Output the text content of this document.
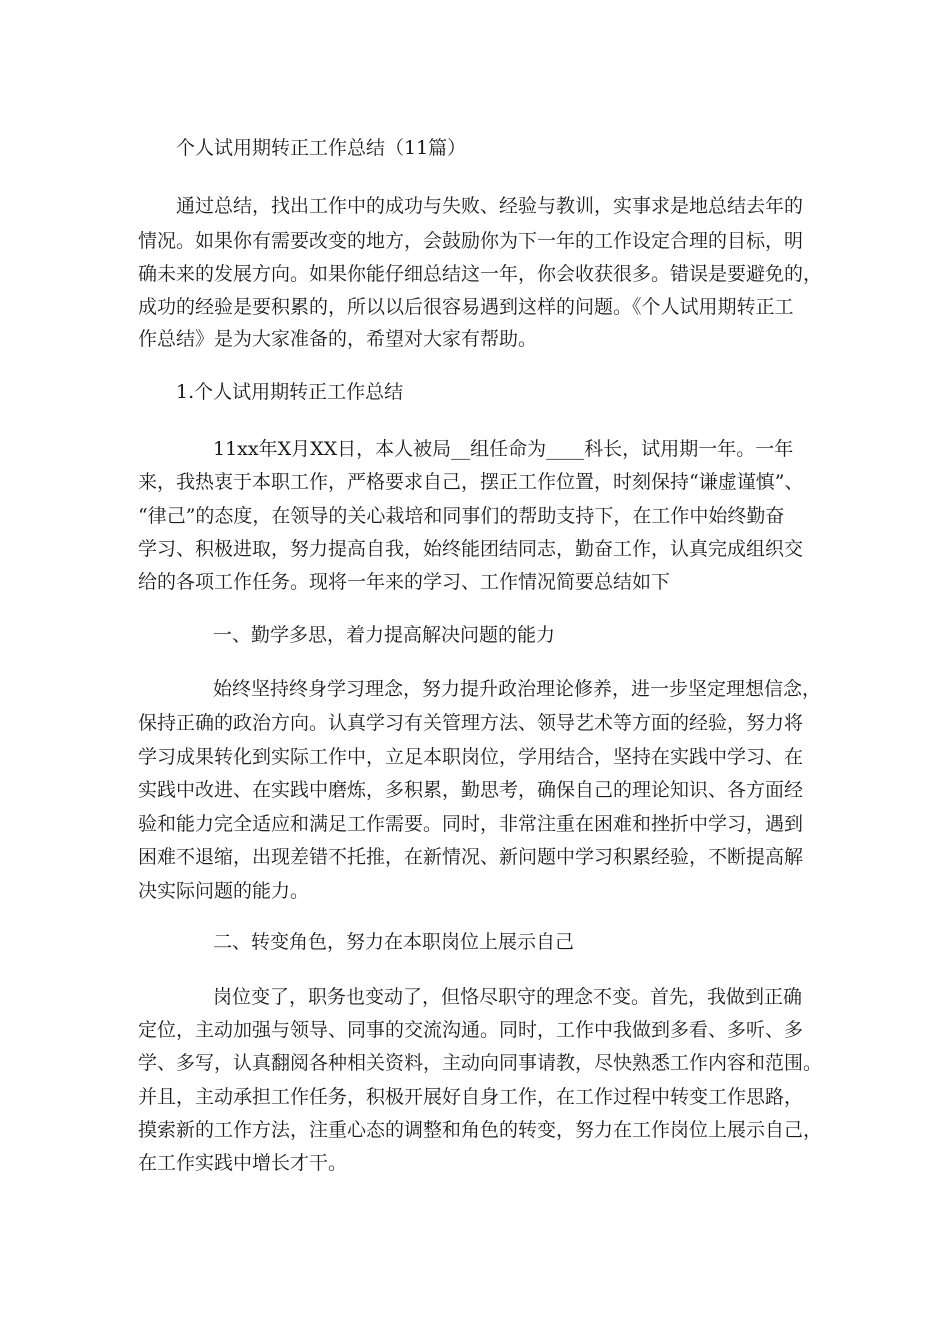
个人试用期转正工作总结（11篇）
通过总结，找出工作中的成功与失败、经验与教训，实事求是地总结去年的
情况。如果你有需要改变的地方，会鼓励你为下一年的工作设定合理的目标，明
确未来的发展方向。如果你能仔细总结这一年，你会收获很多。错误是要避免的，
成功的经验是要积累的，所以以后很容易遇到这样的问题。《个人试用期转正工
作总结》是为大家准备的，希望对大家有帮助。
1.个人试用期转正工作总结
11xx年X月XX日，本人被局__组任命为____科长，试用期一年。一年
来，我热衷于本职工作，严格要求自己，摆正工作位置，时刻保持“谦虚谨慎”、
“律己”的态度，在领导的关心栽培和同事们的帮助支持下，在工作中始终勤奋
学习、积极进取，努力提高自我，始终能团结同志，勤奋工作，认真完成组织交
给的各项工作任务。现将一年来的学习、工作情况简要总结如下
一、勤学多思，着力提高解决问题的能力
始终坚持终身学习理念，努力提升政治理论修养，进一步坚定理想信念，
保持正确的政治方向。认真学习有关管理方法、领导艺术等方面的经验，努力将
学习成果转化到实际工作中，立足本职岗位，学用结合，坚持在实践中学习、在
实践中改进、在实践中磨炼，多积累，勤思考，确保自己的理论知识、各方面经
验和能力完全适应和满足工作需要。同时，非常注重在困难和挫折中学习，遇到
困难不退缩，出现差错不托推，在新情况、新问题中学习积累经验，不断提高解
决实际问题的能力。
二、转变角色，努力在本职岗位上展示自己
岗位变了，职务也变动了，但恪尽职守的理念不变。首先，我做到正确
定位，主动加强与领导、同事的交流沟通。同时，工作中我做到多看、多听、多
学、多写，认真翻阅各种相关资料，主动向同事请教，尽快熟悉工作内容和范围。
并且，主动承担工作任务，积极开展好自身工作，在工作过程中转变工作思路，
摸索新的工作方法，注重心态的调整和角色的转变，努力在工作岗位上展示自己，
在工作实践中增长才干。
